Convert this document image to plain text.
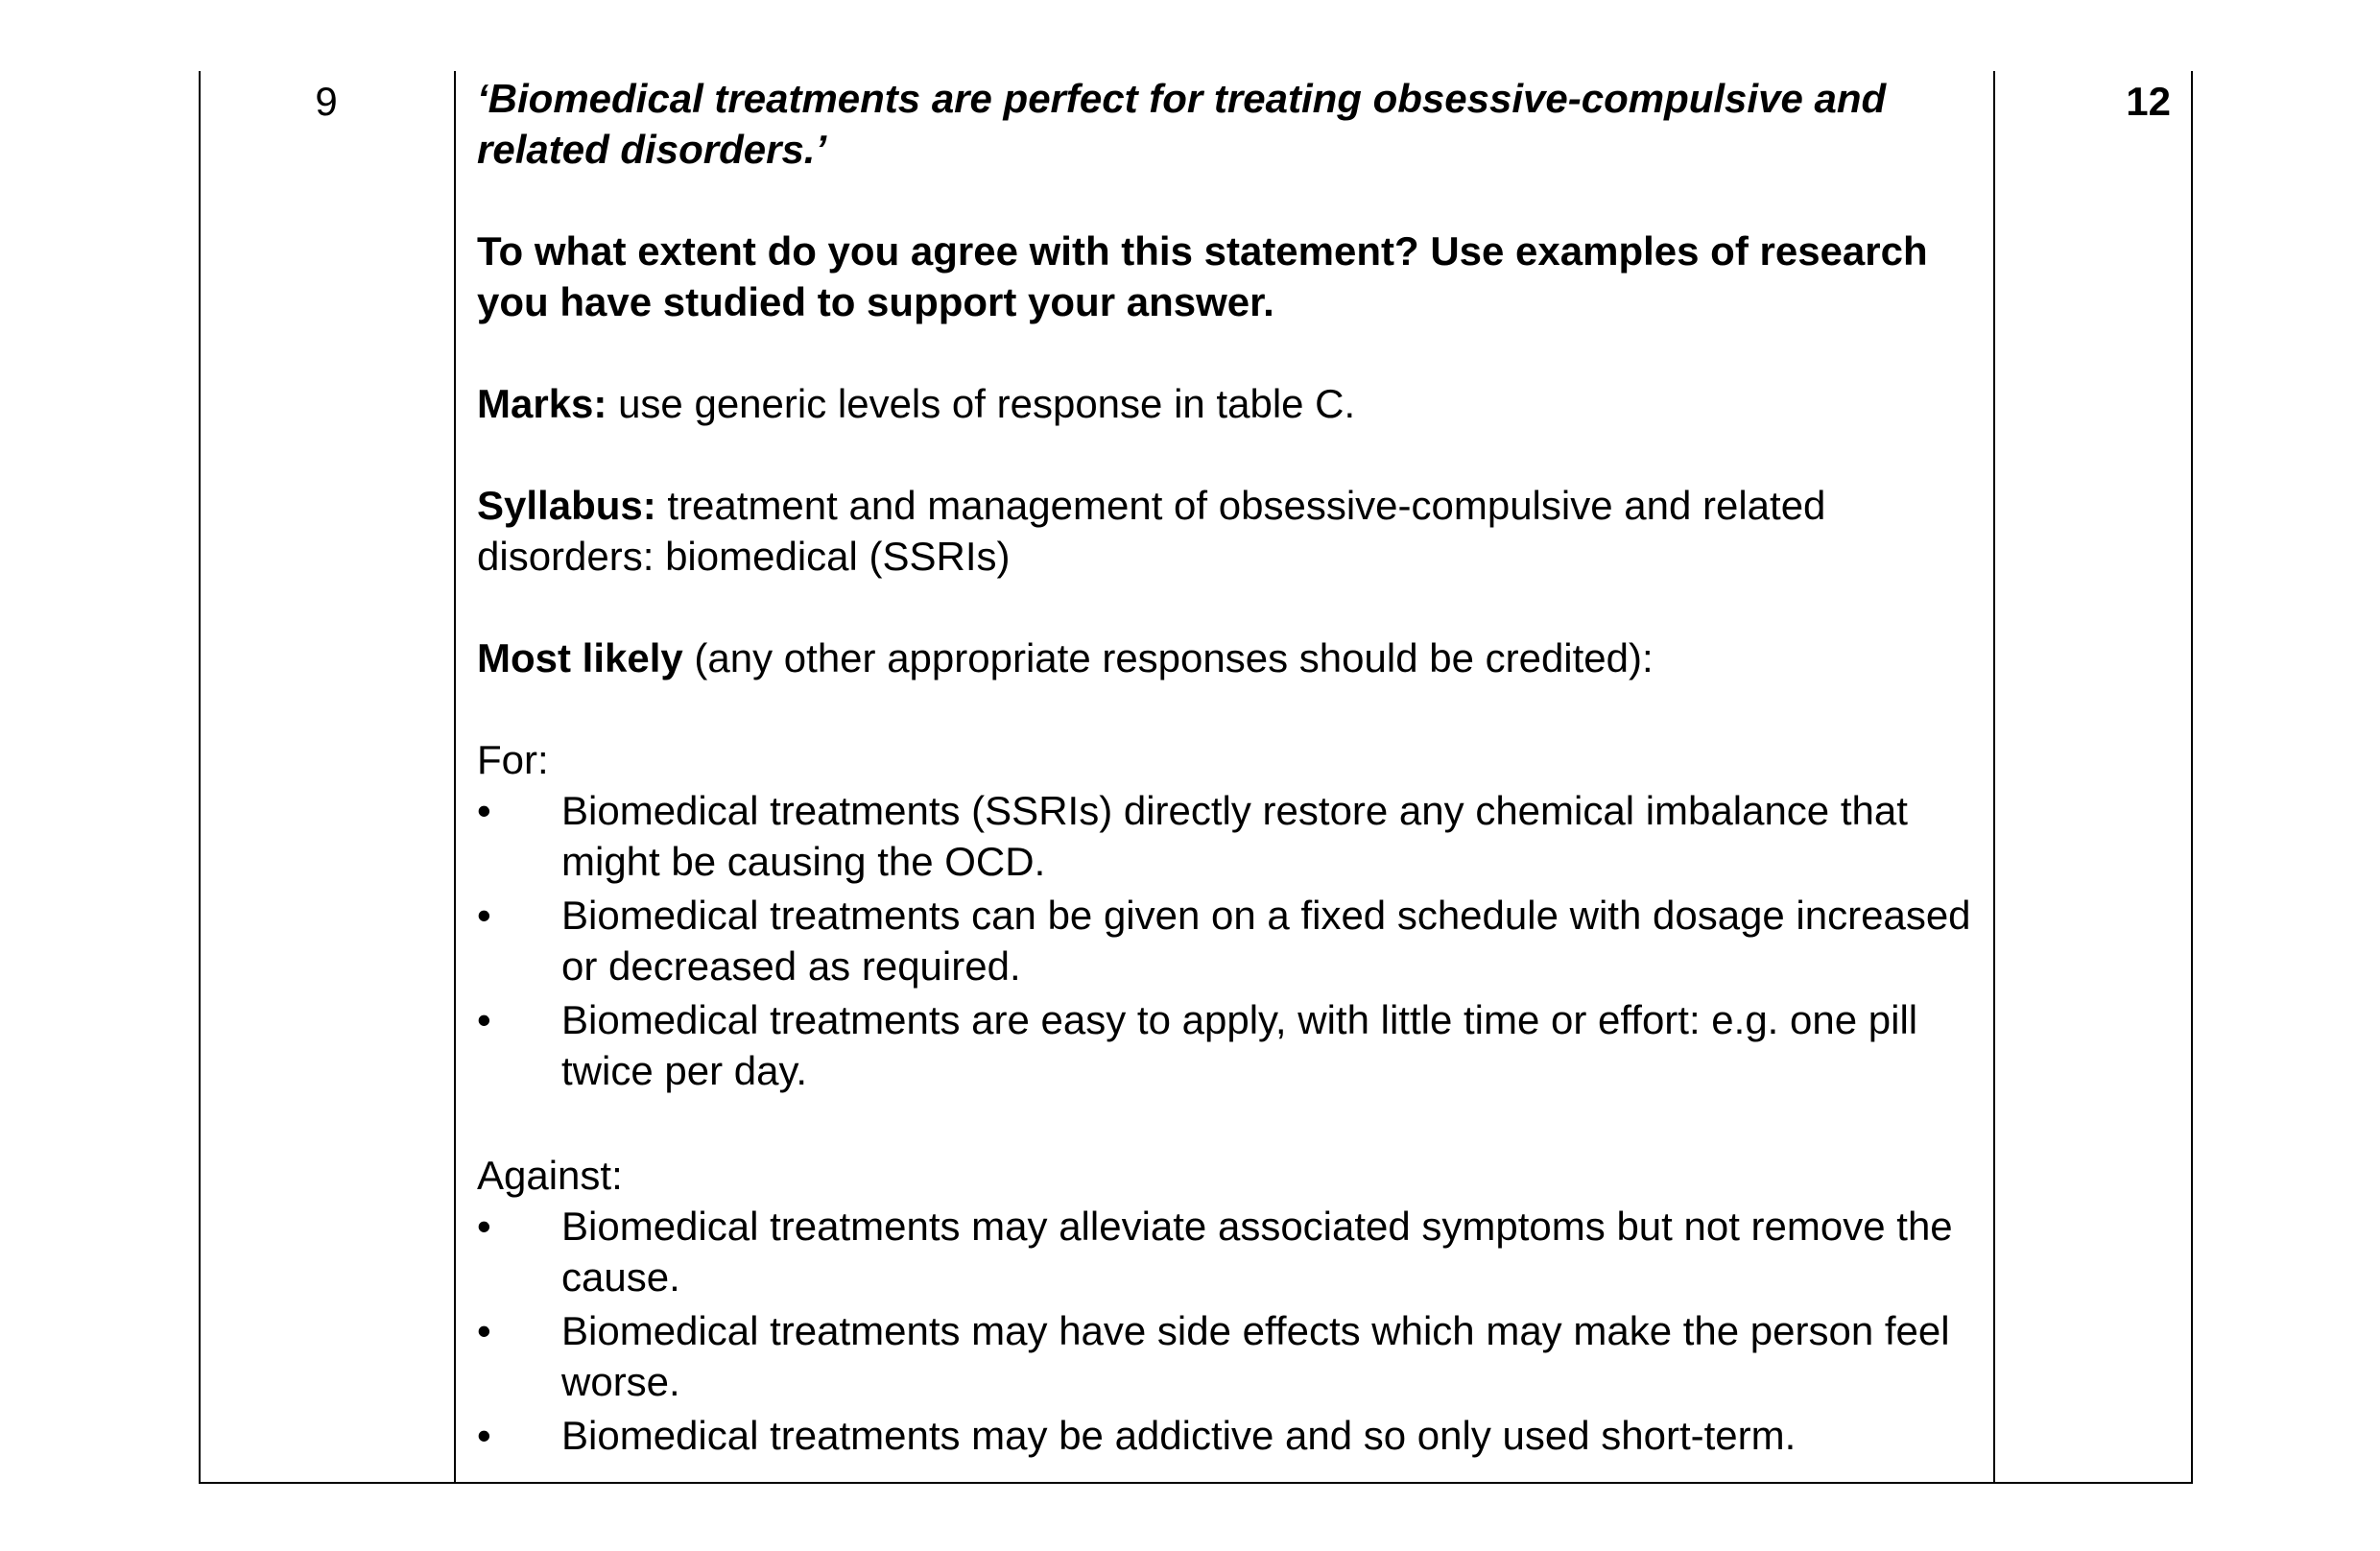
9	12

‘Biomedical treatments are perfect for treating obsessive-compulsive and related disorders.’

To what extent do you agree with this statement? Use examples of research you have studied to support your answer.

Marks: use generic levels of response in table C.

Syllabus: treatment and management of obsessive-compulsive and related disorders: biomedical (SSRIs)

Most likely (any other appropriate responses should be credited):

For:

• Biomedical treatments (SSRIs) directly restore any chemical imbalance that might be causing the OCD.
• Biomedical treatments can be given on a fixed schedule with dosage increased or decreased as required.
• Biomedical treatments are easy to apply, with little time or effort: e.g. one pill twice per day.

Against:

• Biomedical treatments may alleviate associated symptoms but not remove the cause.
• Biomedical treatments may have side effects which may make the person feel worse.
• Biomedical treatments may be addictive and so only used short-term.
